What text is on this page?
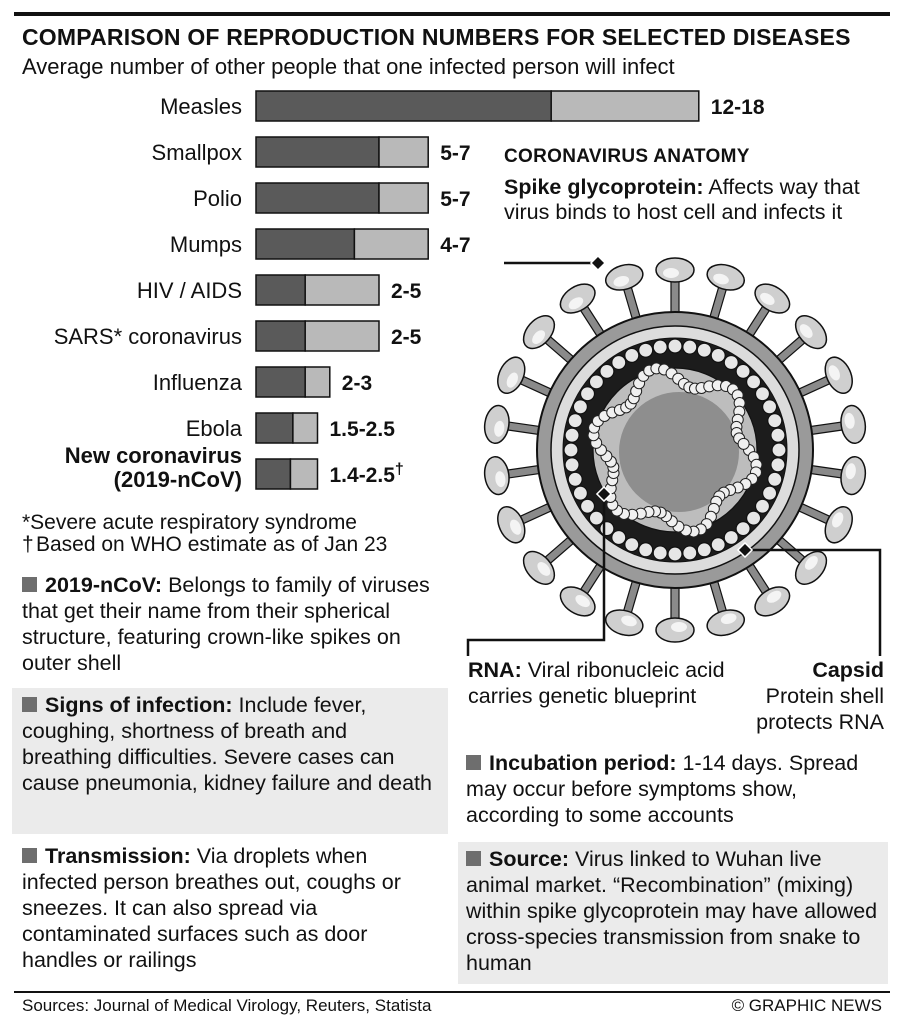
COMPARISON OF REPRODUCTION NUMBERS FOR SELECTED DISEASES
Average number of other people that one infected person will infect
Measles	12-18
Smallpox	5-7
Polio	5-7
Mumps	4-7
HIV / AIDS	2-5
SARS* coronavirus	2-5
Influenza	2-3
Ebola	1.5-2.5
New coronavirus (2019-nCoV)	1.4-2.5†
*Severe acute respiratory syndrome
† Based on WHO estimate as of Jan 23
2019-nCoV: Belongs to family of viruses that get their name from their spherical structure, featuring crown-like spikes on outer shell
Signs of infection: Include fever, coughing, shortness of breath and breathing difficulties. Severe cases can cause pneumonia, kidney failure and death
Transmission: Via droplets when infected person breathes out, coughs or sneezes. It can also spread via contaminated surfaces such as door handles or railings
Incubation period: 1-14 days. Spread may occur before symptoms show, according to some accounts
Source: Virus linked to Wuhan live animal market. “Recombination” (mixing) within spike glycoprotein may have allowed cross-species transmission from snake to human
CORONAVIRUS ANATOMY
Spike glycoprotein: Affects way that virus binds to host cell and infects it
RNA: Viral ribonucleic acid carries genetic blueprint
Capsid
Protein shell protects RNA
Sources: Journal of Medical Virology, Reuters, Statista	© GRAPHIC NEWS
